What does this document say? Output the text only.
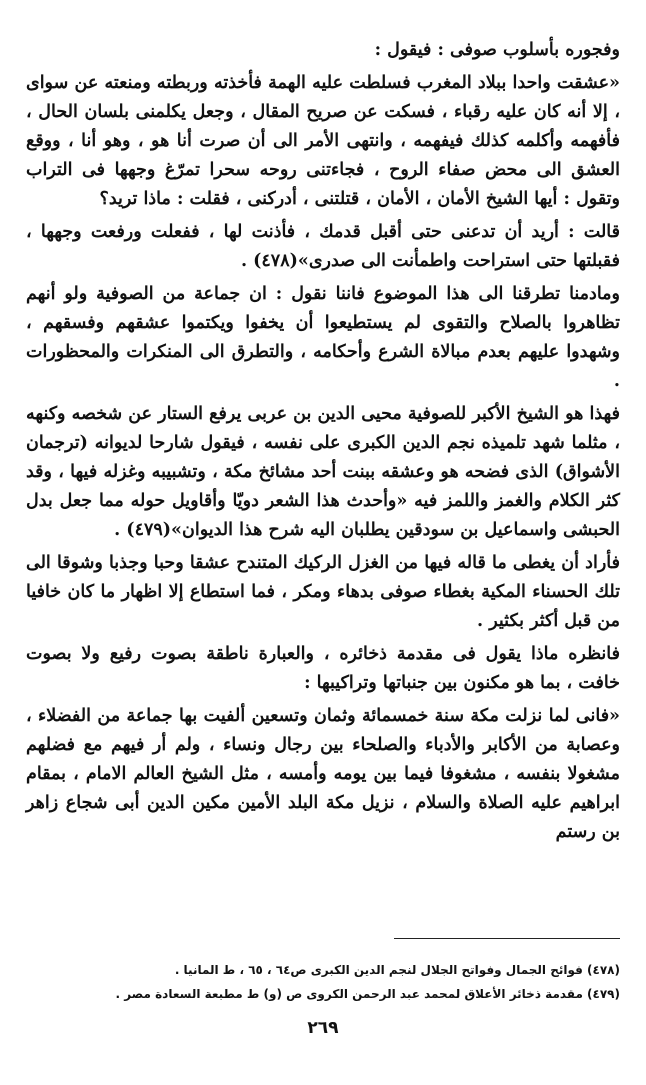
وفجوره بأسلوب صوفى : فيقول :

«عشقت واحدا ببلاد المغرب فسلطت عليه الهمة فأخذته وربطته ومنعته عن سواى ، إلا أنه كان عليه رقباء ، فسكت عن صريح المقال ، وجعل يكلمنى بلسان الحال ، فأفهمه وأكلمه كذلك فيفهمه ، وانتهى الأمر الى أن صرت أنا هو ، وهو أنا ، ووقع العشق الى محض صفاء الروح ، فجاءتنى روحه سحرا تمرّغ وجهها فى التراب وتقول : أيها الشيخ الأمان ، الأمان ، قتلتنى ، أدركنى ، فقلت : ماذا تريد؟

قالت : أريد أن تدعنى حتى أقبل قدمك ، فأذنت لها ، ففعلت ورفعت وجهها ، فقبلتها حتى استراحت واطمأنت الى صدرى»(٤٧٨) .

ومادمنا تطرقنا الى هذا الموضوع فاننا نقول : ان جماعة من الصوفية ولو أنهم تظاهروا بالصلاح والتقوى لم يستطيعوا أن يخفوا ويكتموا عشقهم وفسقهم ، وشهدوا عليهم بعدم مبالاة الشرع وأحكامه ، والتطرق الى المنكرات والمحظورات .

فهذا هو الشيخ الأكبر للصوفية محيى الدين بن عربى يرفع الستار عن شخصه وكنهه ، مثلما شهد تلميذه نجم الدين الكبرى على نفسه ، فيقول شارحا لديوانه (ترجمان الأشواق) الذى فضحه هو وعشقه ببنت أحد مشائخ مكة ، وتشبيبه وغزله فيها ، وقد كثر الكلام والغمز واللمز فيه «وأحدث هذا الشعر دويّا وأقاويل حوله مما جعل بدل الحبشى واسماعيل بن سودقين يطلبان اليه شرح هذا الديوان»(٤٧٩) .

فأراد أن يغطى ما قاله فيها من الغزل الركيك المتندح عشقا وحبا وجذبا وشوقا الى تلك الحسناء المكية بغطاء صوفى بدهاء ومكر ، فما استطاع إلا اظهار ما كان خافيا من قبل أكثر بكثير .

فانظره ماذا يقول فى مقدمة ذخائره ، والعبارة ناطقة بصوت رفيع ولا بصوت خافت ، بما هو مكنون بين جنباتها وتراكيبها :

«فانى لما نزلت مكة سنة خمسمائة وثمان وتسعين ألفيت بها جماعة من الفضلاء ، وعصابة من الأكابر والأدباء والصلحاء بين رجال ونساء ، ولم أر فيهم مع فضلهم مشغولا بنفسه ، مشغوفا فيما بين يومه وأمسه ، مثل الشيخ العالم الامام ، بمقام ابراهيم عليه الصلاة والسلام ، نزيل مكة البلد الأمين مكين الدين أبى شجاع زاهر بن رستم

(٤٧٨) فوائح الجمال وفواتح الجلال لنجم الدين الكبرى ص٦٤ ، ٦٥ ، ط المانيا .

(٤٧٩) مقدمة ذخائر الأعلاق لمحمد عبد الرحمن الكروى ص (و) ط مطبعة السعادة مصر .

٢٦٩
